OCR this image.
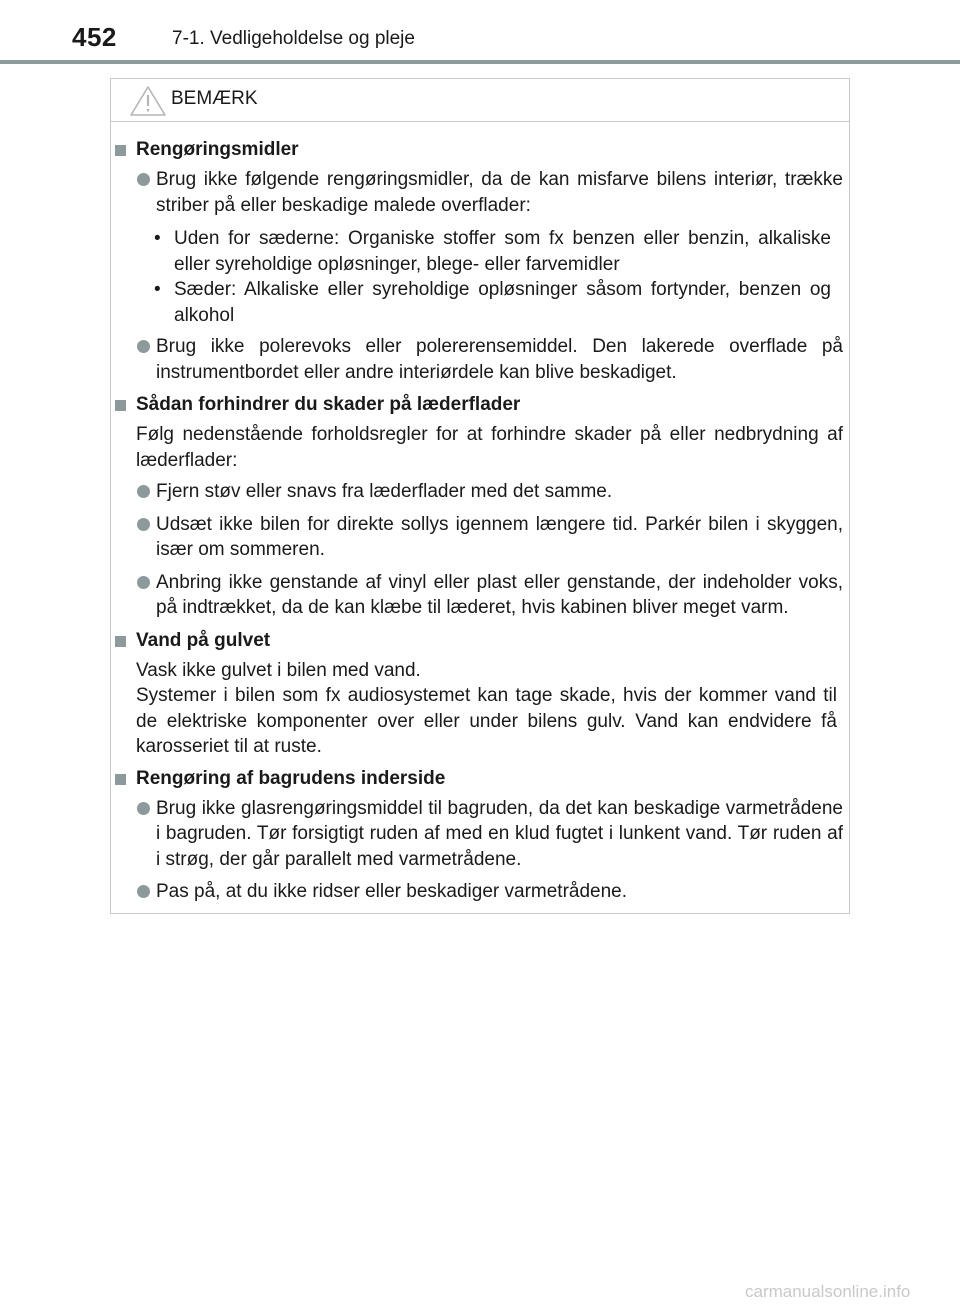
452	7-1. Vedligeholdelse og pleje
BEMÆRK
Rengøringsmidler
Brug ikke følgende rengøringsmidler, da de kan misfarve bilens interiør, trække striber på eller beskadige malede overflader:
• Uden for sæderne: Organiske stoffer som fx benzen eller benzin, alkaliske eller syreholdige opløsninger, blege- eller farvemidler
• Sæder: Alkaliske eller syreholdige opløsninger såsom fortynder, benzen og alkohol
Brug ikke polerevoks eller polererensemiddel. Den lakerede overflade på instrumentbordet eller andre interiørdele kan blive beskadiget.
Sådan forhindrer du skader på læderflader
Følg nedenstående forholdsregler for at forhindre skader på eller nedbrydning af læderflader:
Fjern støv eller snavs fra læderflader med det samme.
Udsæt ikke bilen for direkte sollys igennem længere tid. Parkér bilen i skyggen, især om sommeren.
Anbring ikke genstande af vinyl eller plast eller genstande, der indeholder voks, på indtrækket, da de kan klæbe til læderet, hvis kabinen bliver meget varm.
Vand på gulvet
Vask ikke gulvet i bilen med vand.
Systemer i bilen som fx audiosystemet kan tage skade, hvis der kommer vand til de elektriske komponenter over eller under bilens gulv. Vand kan endvidere få karosseriet til at ruste.
Rengøring af bagrudens inderside
Brug ikke glasrengøringsmiddel til bagruden, da det kan beskadige varmetrådene i bagruden. Tør forsigtigt ruden af med en klud fugtet i lunkent vand. Tør ruden af i strøg, der går parallelt med varmetrådene.
Pas på, at du ikke ridser eller beskadiger varmetrådene.
carmanualsonline.info
